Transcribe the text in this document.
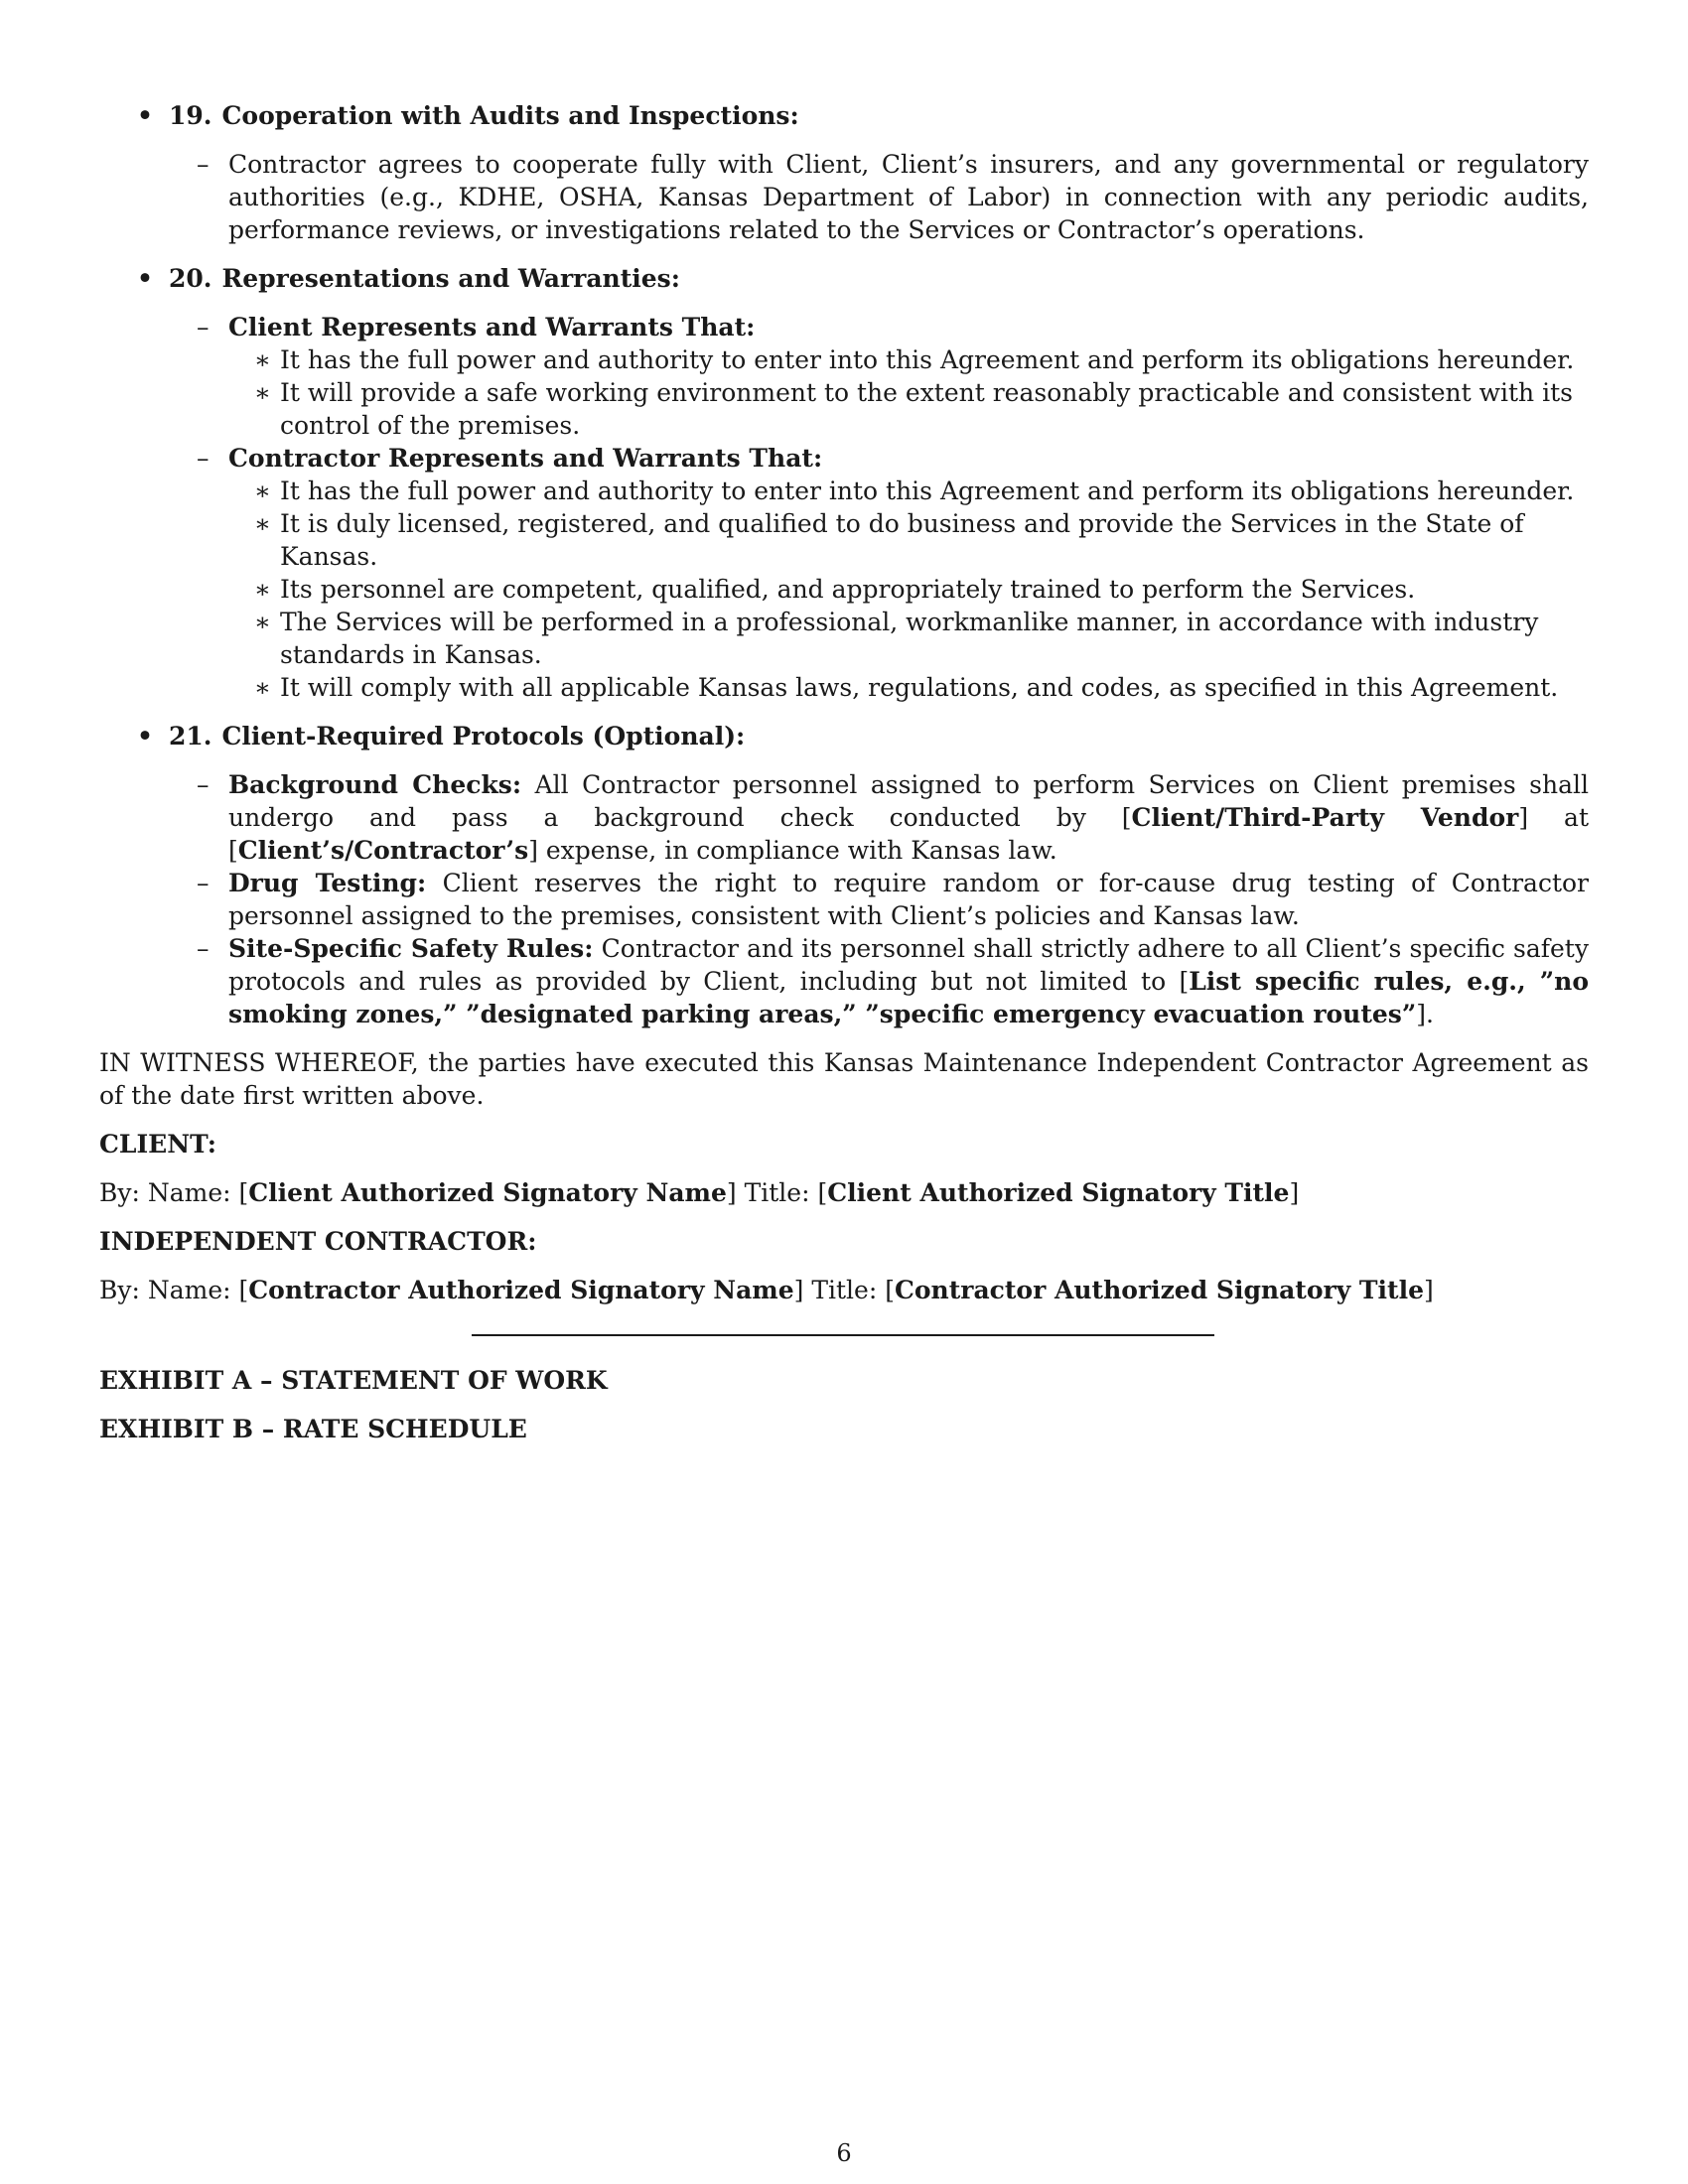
• 19. Cooperation with Audits and Inspections:
– Contractor agrees to cooperate fully with Client, Client’s insurers, and any governmental or regulatory authorities (e.g., KDHE, OSHA, Kansas Department of Labor) in connection with any periodic audits, performance reviews, or investigations related to the Services or Contractor’s operations.
• 20. Representations and Warranties:
– Client Represents and Warrants That:
∗ It has the full power and authority to enter into this Agreement and perform its obligations hereunder.
∗ It will provide a safe working environment to the extent reasonably practicable and consistent with its control of the premises.
– Contractor Represents and Warrants That:
∗ It has the full power and authority to enter into this Agreement and perform its obligations hereunder.
∗ It is duly licensed, registered, and qualified to do business and provide the Services in the State of Kansas.
∗ Its personnel are competent, qualified, and appropriately trained to perform the Services.
∗ The Services will be performed in a professional, workmanlike manner, in accordance with industry standards in Kansas.
∗ It will comply with all applicable Kansas laws, regulations, and codes, as specified in this Agreement.
• 21. Client-Required Protocols (Optional):
– Background Checks: All Contractor personnel assigned to perform Services on Client premises shall undergo and pass a background check conducted by [Client/Third-Party Vendor] at [Client’s/Contractor’s] expense, in compliance with Kansas law.
– Drug Testing: Client reserves the right to require random or for-cause drug testing of Contractor personnel assigned to the premises, consistent with Client’s policies and Kansas law.
– Site-Specific Safety Rules: Contractor and its personnel shall strictly adhere to all Client’s specific safety protocols and rules as provided by Client, including but not limited to [List specific rules, e.g., ”no smoking zones,” ”designated parking areas,” ”specific emergency evacuation routes”].
IN WITNESS WHEREOF, the parties have executed this Kansas Maintenance Independent Contractor Agreement as of the date first written above.
CLIENT:
By: Name: [Client Authorized Signatory Name] Title: [Client Authorized Signatory Title]
INDEPENDENT CONTRACTOR:
By: Name: [Contractor Authorized Signatory Name] Title: [Contractor Authorized Signatory Title]
EXHIBIT A – STATEMENT OF WORK
EXHIBIT B – RATE SCHEDULE
6
